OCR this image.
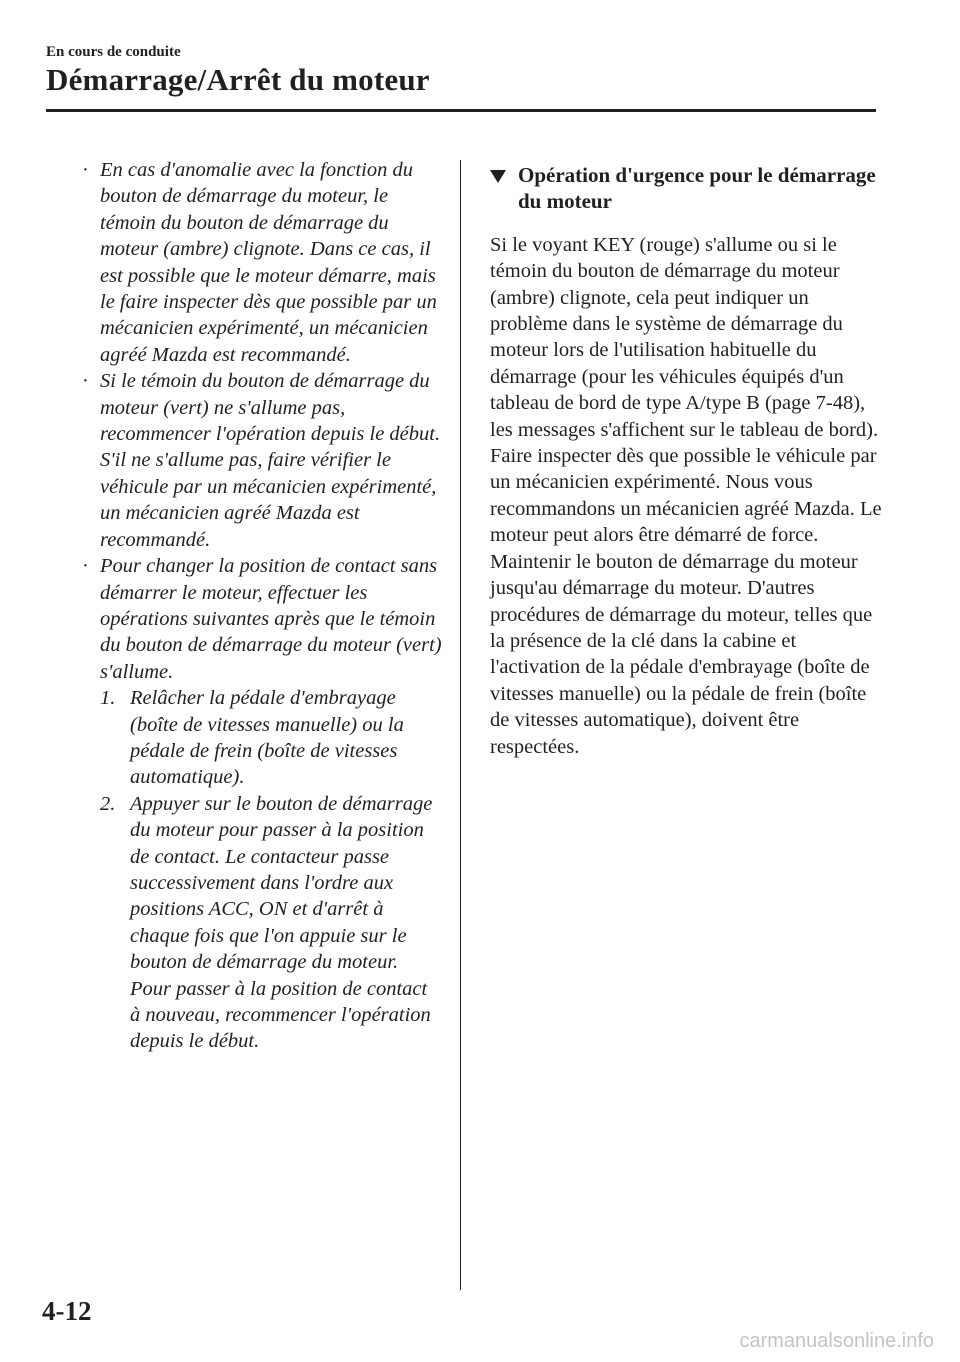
En cours de conduite
Démarrage/Arrêt du moteur
· En cas d'anomalie avec la fonction du bouton de démarrage du moteur, le témoin du bouton de démarrage du moteur (ambre) clignote. Dans ce cas, il est possible que le moteur démarre, mais le faire inspecter dès que possible par un mécanicien expérimenté, un mécanicien agréé Mazda est recommandé.
· Si le témoin du bouton de démarrage du moteur (vert) ne s'allume pas, recommencer l'opération depuis le début. S'il ne s'allume pas, faire vérifier le véhicule par un mécanicien expérimenté, un mécanicien agréé Mazda est recommandé.
· Pour changer la position de contact sans démarrer le moteur, effectuer les opérations suivantes après que le témoin du bouton de démarrage du moteur (vert) s'allume.
1. Relâcher la pédale d'embrayage (boîte de vitesses manuelle) ou la pédale de frein (boîte de vitesses automatique).
2. Appuyer sur le bouton de démarrage du moteur pour passer à la position de contact. Le contacteur passe successivement dans l'ordre aux positions ACC, ON et d'arrêt à chaque fois que l'on appuie sur le bouton de démarrage du moteur. Pour passer à la position de contact à nouveau, recommencer l'opération depuis le début.
Opération d'urgence pour le démarrage du moteur
Si le voyant KEY (rouge) s'allume ou si le témoin du bouton de démarrage du moteur (ambre) clignote, cela peut indiquer un problème dans le système de démarrage du moteur lors de l'utilisation habituelle du démarrage (pour les véhicules équipés d'un tableau de bord de type A/type B (page 7-48), les messages s'affichent sur le tableau de bord). Faire inspecter dès que possible le véhicule par un mécanicien expérimenté. Nous vous recommandons un mécanicien agréé Mazda. Le moteur peut alors être démarré de force. Maintenir le bouton de démarrage du moteur jusqu'au démarrage du moteur. D'autres procédures de démarrage du moteur, telles que la présence de la clé dans la cabine et l'activation de la pédale d'embrayage (boîte de vitesses manuelle) ou la pédale de frein (boîte de vitesses automatique), doivent être respectées.
4-12
carmanualsonline.info
